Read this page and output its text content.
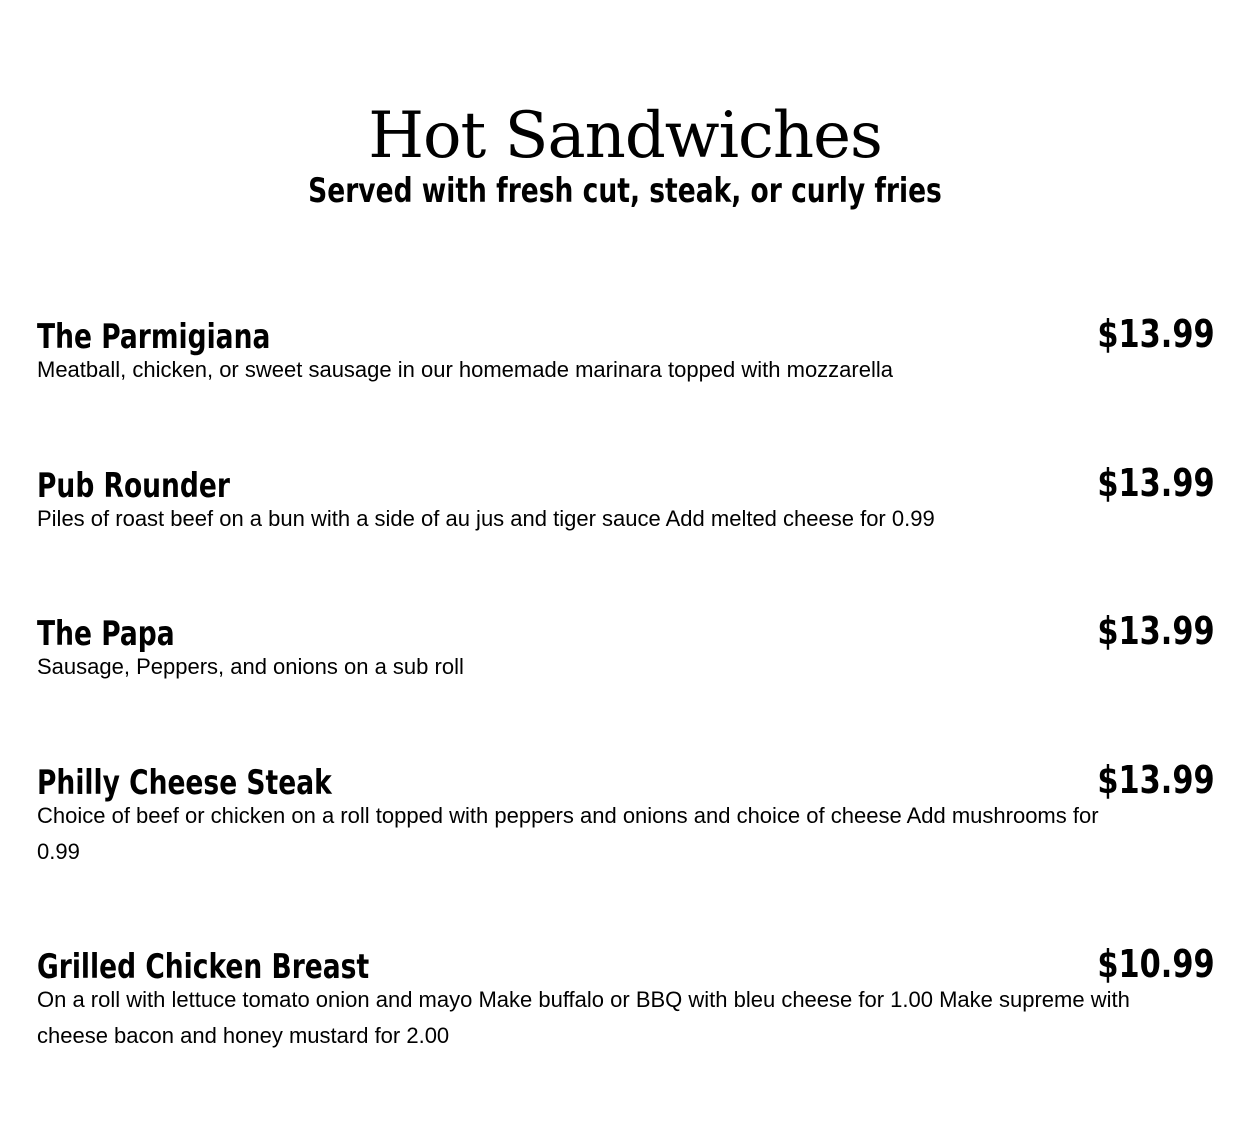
Hot Sandwiches
Served with fresh cut, steak, or curly fries
The Parmigiana	$13.99
Meatball, chicken, or sweet sausage in our homemade marinara topped with mozzarella
Pub Rounder	$13.99
Piles of roast beef on a bun with a side of au jus and tiger sauce Add melted cheese for 0.99
The Papa	$13.99
Sausage, Peppers, and onions on a sub roll
Philly Cheese Steak	$13.99
Choice of beef or chicken on a roll topped with peppers and onions and choice of cheese Add mushrooms for 0.99
Grilled Chicken Breast	$10.99
On a roll with lettuce tomato onion and mayo Make buffalo or BBQ with bleu cheese for 1.00 Make supreme with cheese bacon and honey mustard for 2.00
